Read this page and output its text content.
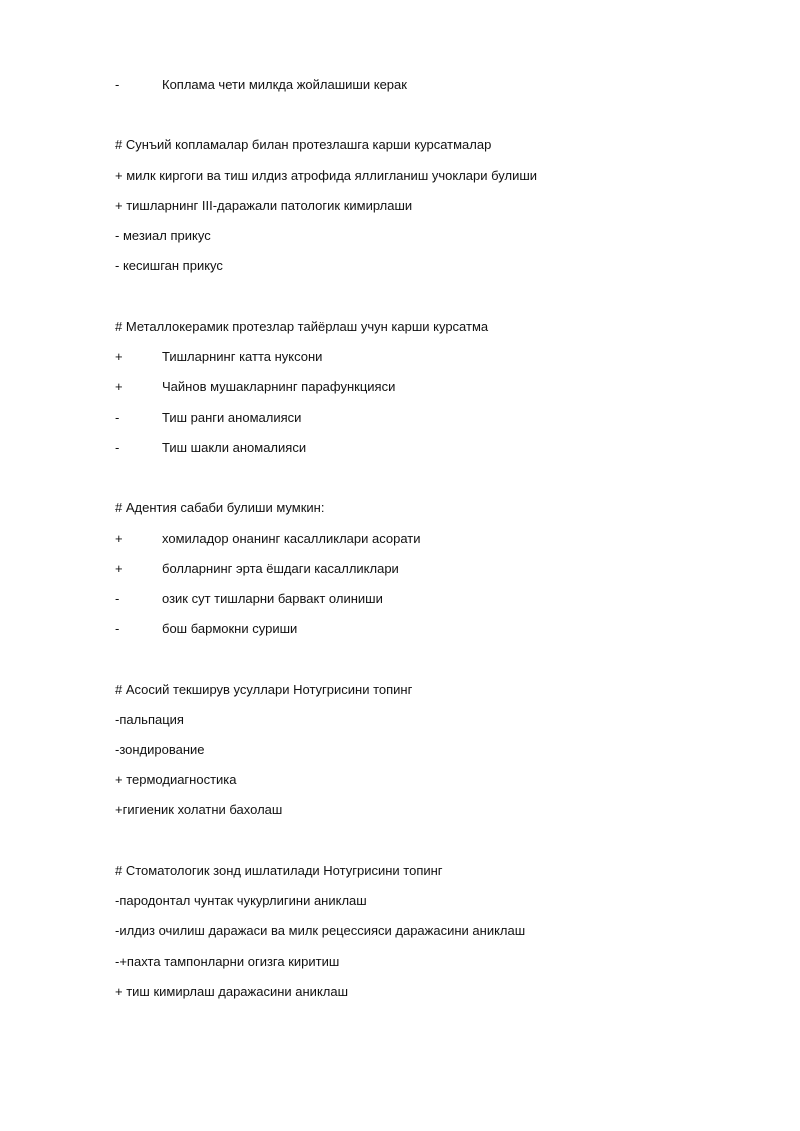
-	Коплама чети милкда жойлашиши керак
# Сунъий копламалар билан протезлашга карши курсатмалар
+ милк киргоги ва тиш илдиз атрофида яллигланиш учоклари булиши
+ тишларнинг III-даражали патологик кимирлаши
- мезиал прикус
- кесишган прикус
# Металлокерамик протезлар тайёрлаш учун карши курсатма
+	Тишларнинг катта нуксони
+	Чайнов мушакларнинг парафункцияси
-	Тиш ранги аномалияси
-	Тиш шакли аномалияси
# Адентия сабаби булиши мумкин:
+	хомиладор онанинг касалликлари асорати
+	болларнинг эрта ёшдаги касалликлари
-	озик сут тишларни барвакт олиниши
-	бош бармокни суриши
# Асосий текширув усуллари Нотугрисини топинг
-пальпация
-зондирование
+ термодиагностика
+гигиеник холатни бахолаш
# Стоматологик зонд ишлатилади Нотугрисини топинг
-пародонтал чунтак чукурлигини аниклаш
-илдиз очилиш даражаси ва милк рецессияси даражасини аниклаш
-+пахта тампонларни огизга киритиш
+ тиш кимирлаш даражасини аниклаш
